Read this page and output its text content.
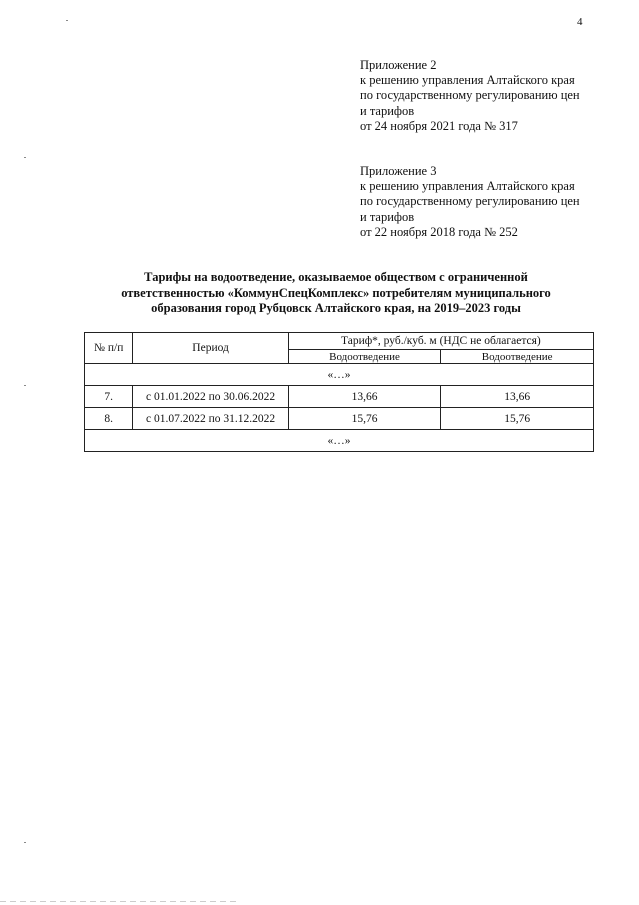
4
Приложение 2
к решению управления Алтайского края
по государственному регулированию цен
и тарифов
от 24 ноября 2021 года № 317
Приложение 3
к решению управления Алтайского края
по государственному регулированию цен
и тарифов
от 22 ноября 2018 года № 252
Тарифы на водоотведение, оказываемое обществом с ограниченной
ответственностью «КоммунСпецКомплекс» потребителям муниципального
образования город Рубцовск Алтайского края, на 2019–2023 годы
№ п/п	Период	Тариф*, руб./куб. м (НДС не облагается)	
		Водоотведение	Водоотведение
«…»			
7.	с 01.01.2022 по 30.06.2022	13,66	13,66
8.	с 01.07.2022 по 31.12.2022	15,76	15,76
«…»			
